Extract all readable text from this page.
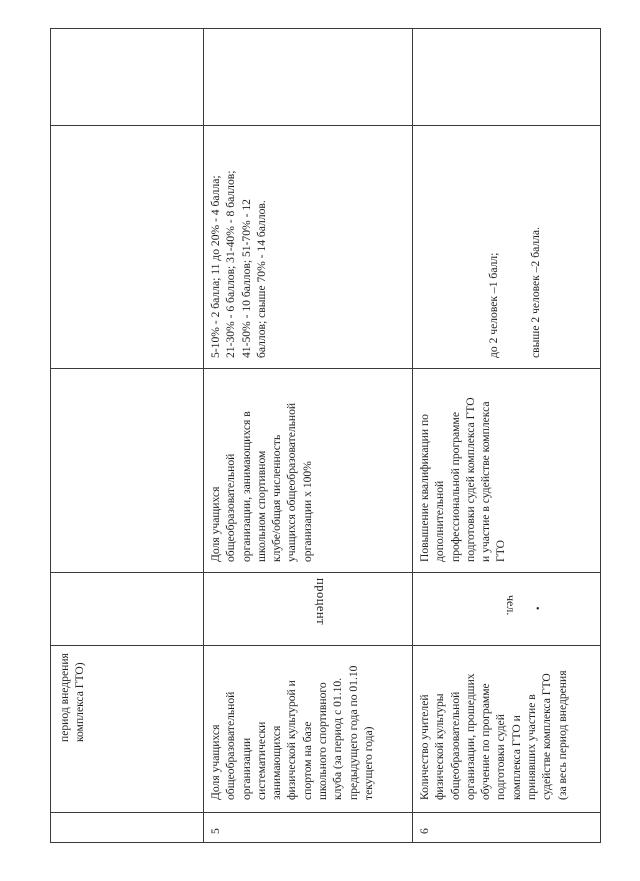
период внедрения комплекса ГТО)
5
Доля учащихся общеобразовательной организации систематически занимающихся физической культурой и спортом на базе школьного спортивного клуба (за период с 01.10. предыдущего года по 01.10 текущего года)
процент
Доля учащихся общеобразовательной организации, занимающихся в школьном спортивном клубе/общая численность учащихся общеобразовательной организации х 100%
5-10% - 2 балла; 11 до 20% - 4 балла; 21-30% - 6 баллов; 31-40% - 8 баллов; 41-50% - 10 баллов; 51-70% - 12 баллов; свыше 70% - 14 баллов.
6
Количество учителей физической культуры общеобразовательной организации, прошедших обучение по программе подготовки судей комплекса ГТО и принявших участие в судействе комплекса ГТО (за весь период внедрения
чел. •
Повышение квалификации по дополнительной профессиональной программе подготовки судей комплекса ГТО и участие в судействе комплекса ГТО
до 2 человек –1 балл;	свыше 2 человек –2 балла.
